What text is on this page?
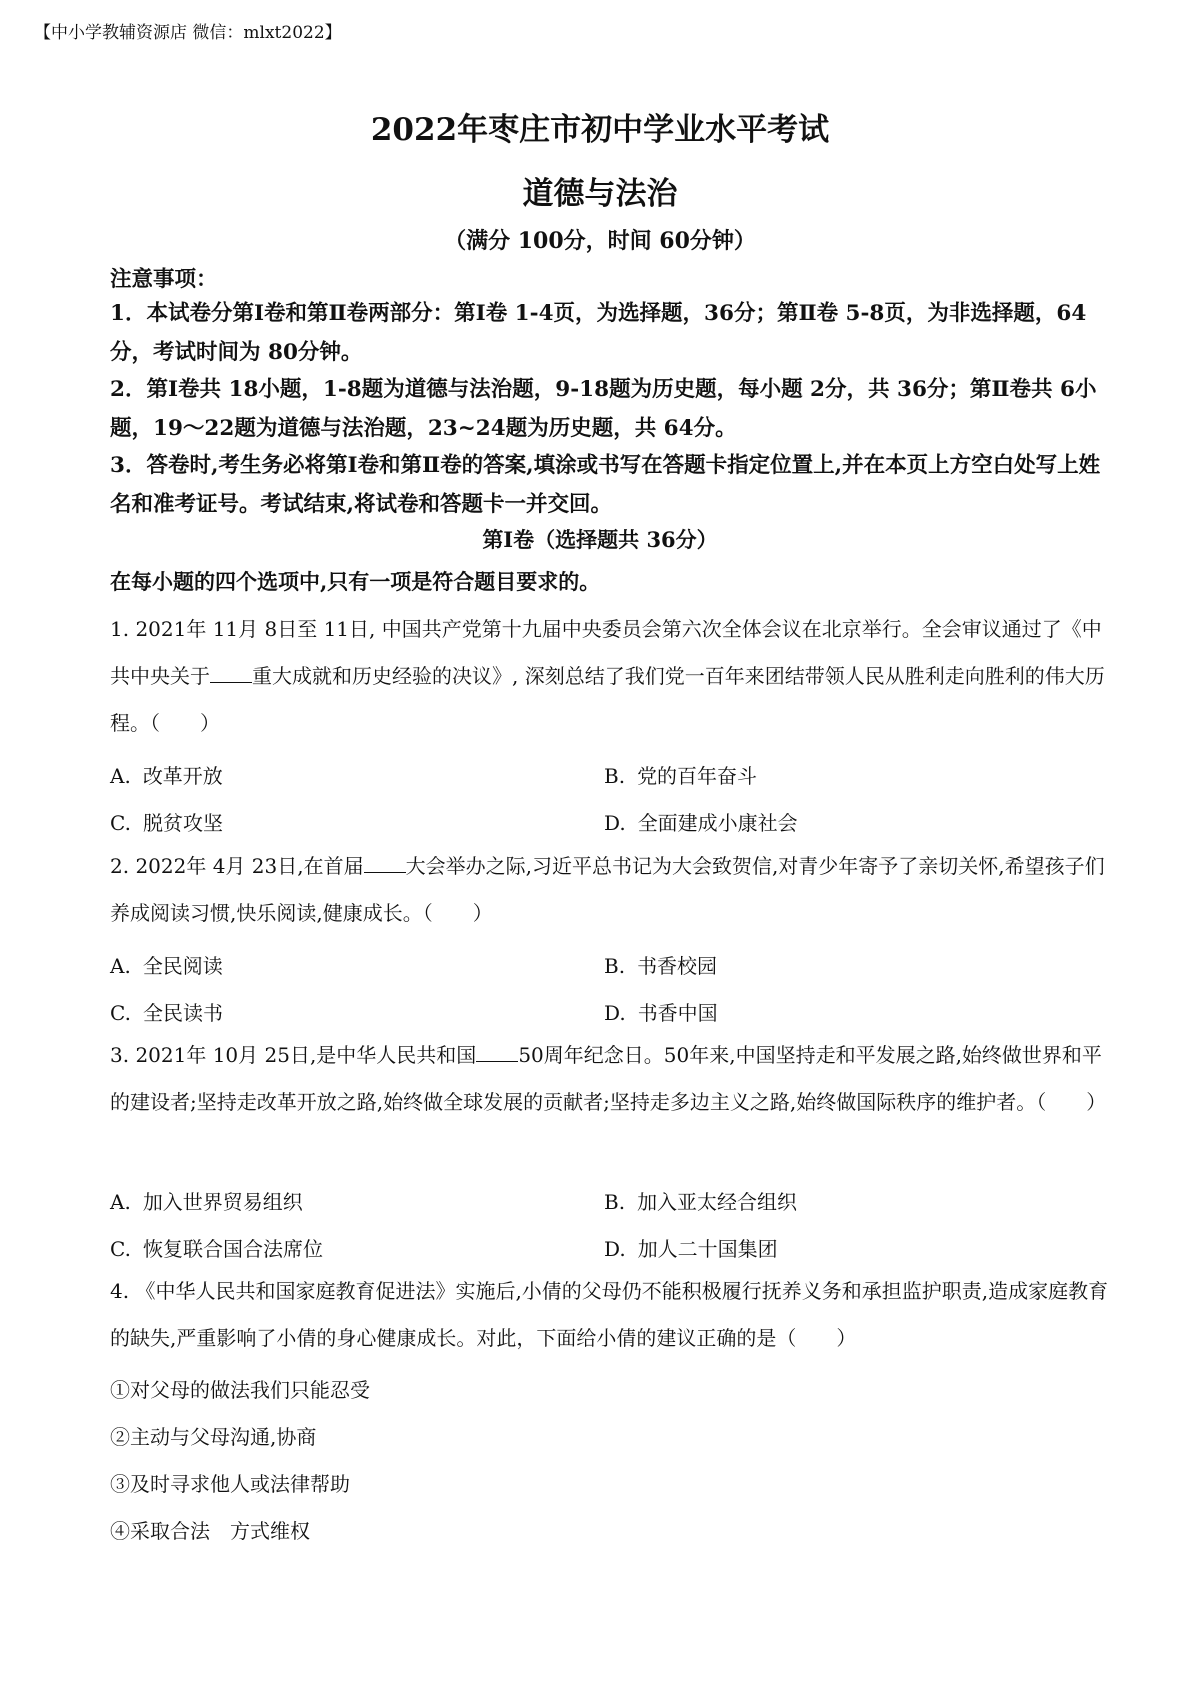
【中小学教辅资源店 微信：mlxt2022】
2022年枣庄市初中学业水平考试
道德与法治
（满分 100分，时间 60分钟）
注意事项：
1．本试卷分第Ⅰ卷和第Ⅱ卷两部分：第Ⅰ卷 1-4页，为选择题，36分；第Ⅱ卷 5-8页，为非选择题，64分，考试时间为 80分钟。
2．第Ⅰ卷共 18小题，1-8题为道德与法治题，9-18题为历史题，每小题 2分，共 36分；第Ⅱ卷共 6小题，19～22题为道德与法治题，23~24题为历史题，共 64分。
3．答卷时,考生务必将第Ⅰ卷和第Ⅱ卷的答案,填涂或书写在答题卡指定位置上,并在本页上方空白处写上姓名和准考证号。考试结束,将试卷和答题卡一并交回。
第Ⅰ卷（选择题共 36分）
在每小题的四个选项中,只有一项是符合题目要求的。
1. 2021年 11月 8日至 11日, 中国共产党第十九届中央委员会第六次全体会议在北京举行。全会审议通过了《中共中央关于 重大成就和历史经验的决议》, 深刻总结了我们党一百年来团结带领人民从胜利走向胜利的伟大历程。（　　）
A. 改革开放	B. 党的百年奋斗
C. 脱贫攻坚	D. 全面建成小康社会
2. 2022年 4月 23日,在首届 大会举办之际,习近平总书记为大会致贺信,对青少年寄予了亲切关怀,希望孩子们养成阅读习惯,快乐阅读,健康成长。（　　）
A. 全民阅读	B. 书香校园
C. 全民读书	D. 书香中国
3. 2021年 10月 25日,是中华人民共和国 50周年纪念日。50年来,中国坚持走和平发展之路,始终做世界和平的建设者;坚持走改革开放之路,始终做全球发展的贡献者;坚持走多边主义之路,始终做国际秩序的维护者。（　　）
A. 加入世界贸易组织	B. 加入亚太经合组织
C. 恢复联合国合法席位	D. 加人二十国集团
4. 《中华人民共和国家庭教育促进法》实施后,小倩的父母仍不能积极履行抚养义务和承担监护职责,造成家庭教育的缺失,严重影响了小倩的身心健康成长。对此，下面给小倩的建议正确的是（　　）
①对父母的做法我们只能忍受
②主动与父母沟通,协商
③及时寻求他人或法律帮助
④采取合法　方式维权
